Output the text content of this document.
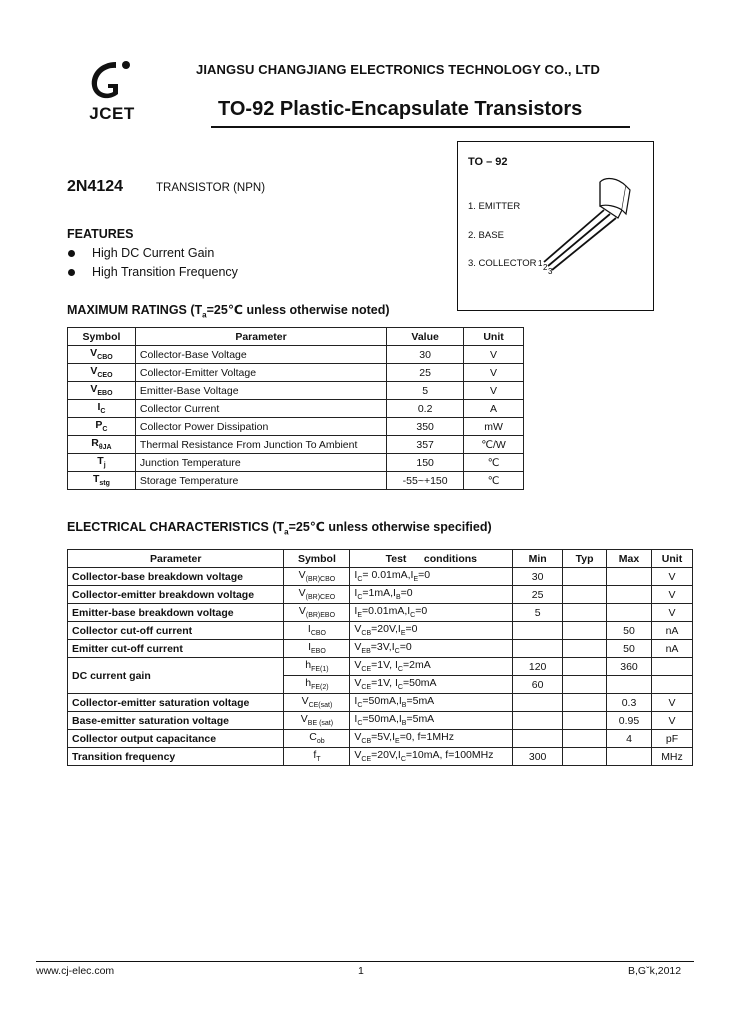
JCET
JIANGSU CHANGJIANG ELECTRONICS TECHNOLOGY CO., LTD
TO-92 Plastic-Encapsulate Transistors
TO – 92
1. EMITTER
2. BASE
3. COLLECTOR 1 2 3
2N4124	TRANSISTOR (NPN)
FEATURES
High DC Current Gain
High Transition Frequency
MAXIMUM RATINGS ($T_a=25℃$ unless otherwise noted)
Symbol	Parameter	Value	Unit
$V_{CBO}$	Collector-Base Voltage	30	V
$V_{CEO}$	Collector-Emitter Voltage	25	V
$V_{EBO}$	Emitter-Base Voltage	5	V
$I_C$	Collector Current	0.2	A
$P_C$	Collector Power Dissipation	350	mW
$R_{\theta JA}$	Thermal Resistance From Junction To Ambient	357	℃/W
$T_j$	Junction Temperature	150	℃
$T_{stg}$	Storage Temperature	-55~+150	℃
ELECTRICAL CHARACTERISTICS ($T_a=25℃$ unless otherwise specified)
Parameter	Symbol	Test      conditions	Min	Typ	Max	Unit
Collector-base breakdown voltage	$V_{(BR)CBO}$	$I_C= 0.01mA,I_E=0$	30			V
Collector-emitter breakdown voltage	$V_{(BR)CEO}$	$I_C=1mA,I_B=0$	25			V
Emitter-base breakdown voltage	$V_{(BR)EBO}$	$I_E=0.01mA,I_C=0$	5			V
Collector cut-off current	$I_{CBO}$	$V_{CB}=20V,I_E=0$			50	nA
Emitter cut-off current	$I_{EBO}$	$V_{EB}=3V,I_C=0$			50	nA
DC current gain	$h_{FE(1)}$	$V_{CE}=1V$, $I_C=2mA$	120		360	
	$h_{FE(2)}$	$V_{CE}=1V$, $I_C=50mA$	60			
Collector-emitter saturation voltage	$V_{CE(sat)}$	$I_C=50mA,I_B=5mA$			0.3	V
Base-emitter saturation voltage	$V_{BE (sat)}$	$I_C=50mA,I_B=5mA$			0.95	V
Collector output capacitance	$C_{ob}$	$V_{CB}=5V,I_E=0$, f=1MHz			4	pF
Transition frequency	$f_T$	$V_{CE}=20V,I_C=10mA$, f=100MHz	300			MHz
www.cj-elec.com	1	B,Gˇk,2012
